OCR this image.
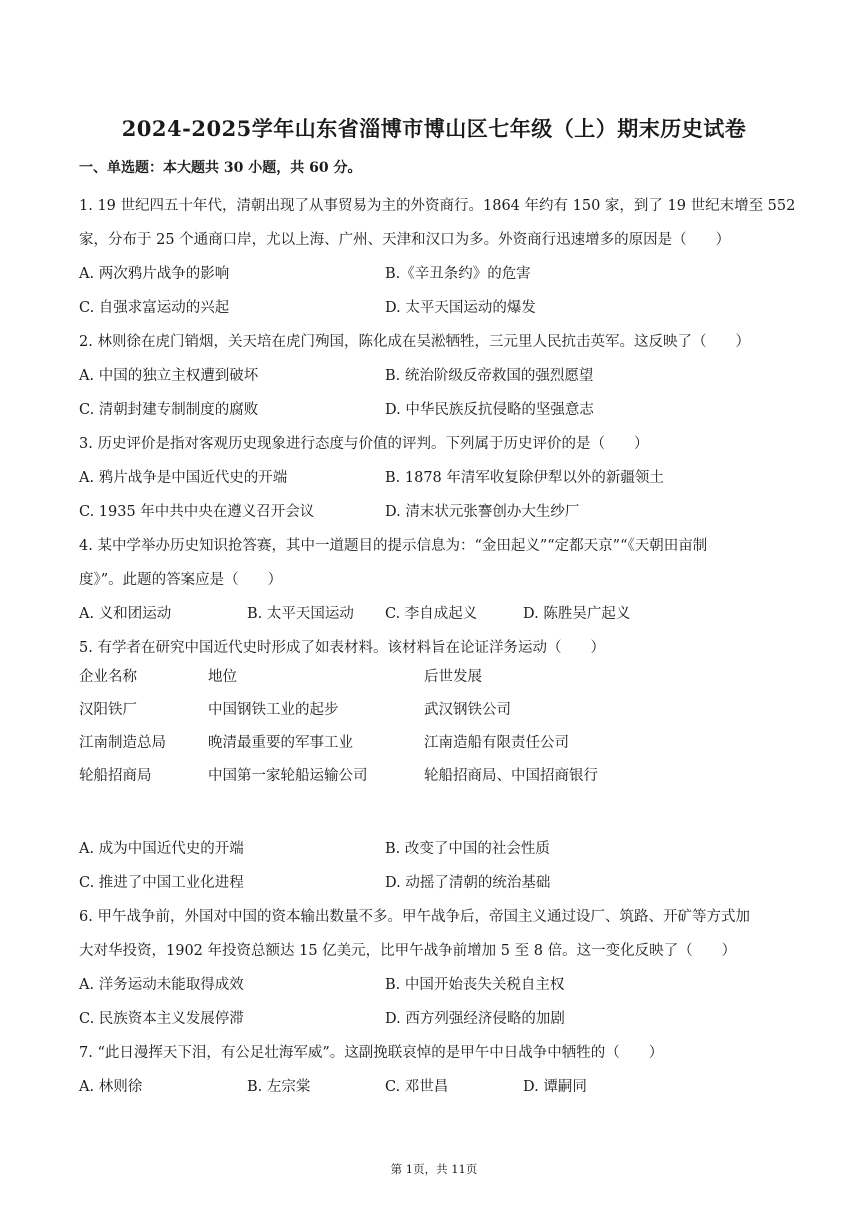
2024-2025学年山东省淄博市博山区七年级（上）期末历史试卷
一、单选题：本大题共 30 小题，共 60 分。
1. 19 世纪四五十年代，清朝出现了从事贸易为主的外资商行。1864 年约有 150 家，到了 19 世纪末增至 552
家，分布于 25 个通商口岸，尤以上海、广州、天津和汉口为多。外资商行迅速增多的原因是（　　）
A. 两次鸦片战争的影响	B.《辛丑条约》的危害
C. 自强求富运动的兴起	D. 太平天国运动的爆发
2. 林则徐在虎门销烟，关天培在虎门殉国，陈化成在吴淞牺牲，三元里人民抗击英军。这反映了（　　）
A. 中国的独立主权遭到破坏	B. 统治阶级反帝救国的强烈愿望
C. 清朝封建专制制度的腐败	D. 中华民族反抗侵略的坚强意志
3. 历史评价是指对客观历史现象进行态度与价值的评判。下列属于历史评价的是（　　）
A. 鸦片战争是中国近代史的开端	B. 1878 年清军收复除伊犁以外的新疆领土
C. 1935 年中共中央在遵义召开会议	D. 清末状元张謇创办大生纱厂
4. 某中学举办历史知识抢答赛，其中一道题目的提示信息为：“金田起义”“定都天京”“《天朝田亩制
度》”。此题的答案应是（　　）
A. 义和团运动	B. 太平天国运动 C. 李自成起义	D. 陈胜吴广起义
5. 有学者在研究中国近代史时形成了如表材料。该材料旨在论证洋务运动（　　）
企业名称	地位	后世发展
汉阳铁厂	中国钢铁工业的起步	武汉钢铁公司
江南制造总局	晚清最重要的军事工业	江南造船有限责任公司
轮船招商局	中国第一家轮船运输公司	轮船招商局、中国招商银行
A. 成为中国近代史的开端	B. 改变了中国的社会性质
C. 推进了中国工业化进程	D. 动摇了清朝的统治基础
6. 甲午战争前，外国对中国的资本输出数量不多。甲午战争后，帝国主义通过设厂、筑路、开矿等方式加
大对华投资，1902 年投资总额达 15 亿美元，比甲午战争前增加 5 至 8 倍。这一变化反映了（　　）
A. 洋务运动未能取得成效	B. 中国开始丧失关税自主权
C. 民族资本主义发展停滞	D. 西方列强经济侵略的加剧
7. “此日漫挥天下泪，有公足壮海军威”。这副挽联哀悼的是甲午中日战争中牺牲的（　　）
A. 林则徐	B. 左宗棠	C. 邓世昌	D. 谭嗣同
第 1页，共 11页
